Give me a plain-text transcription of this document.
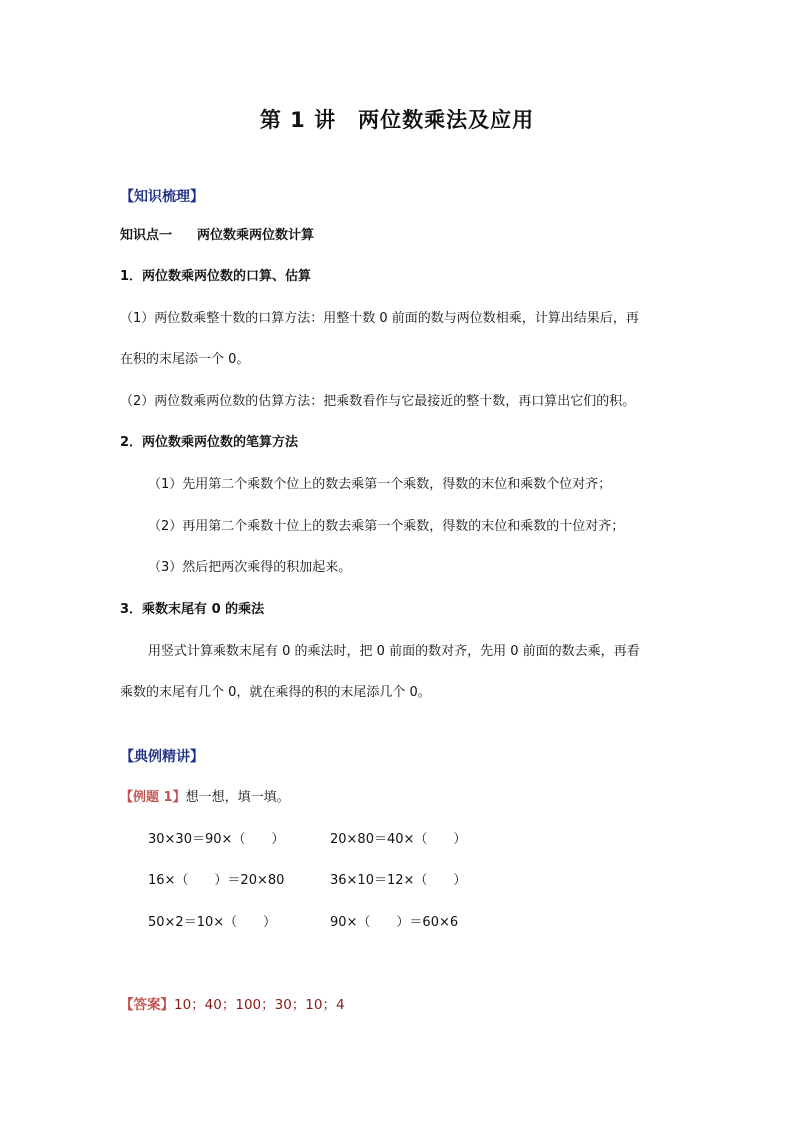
第 1 讲　两位数乘法及应用
【知识梳理】
知识点一 两位数乘两位数计算
1．两位数乘两位数的口算、估算
（1）两位数乘整十数的口算方法：用整十数 0 前面的数与两位数相乘，计算出结果后，再
在积的末尾添一个 0。
（2）两位数乘两位数的估算方法：把乘数看作与它最接近的整十数，再口算出它们的积。
2．两位数乘两位数的笔算方法
（1）先用第二个乘数个位上的数去乘第一个乘数，得数的末位和乘数个位对齐；
（2）再用第二个乘数十位上的数去乘第一个乘数，得数的末位和乘数的十位对齐；
（3）然后把两次乘得的积加起来。
3．乘数末尾有 0 的乘法
用竖式计算乘数末尾有 0 的乘法时，把 0 前面的数对齐，先用 0 前面的数去乘，再看
乘数的末尾有几个 0，就在乘得的积的末尾添几个 0。
【典例精讲】
【例题 1】想一想，填一填。
30×30＝90×（　　）	20×80＝40×（　　）
16×（　　）＝20×80	36×10＝12×（　　）
50×2＝10×（　　）	90×（　　）＝60×6
【答案】10；40；100；30；10；4
